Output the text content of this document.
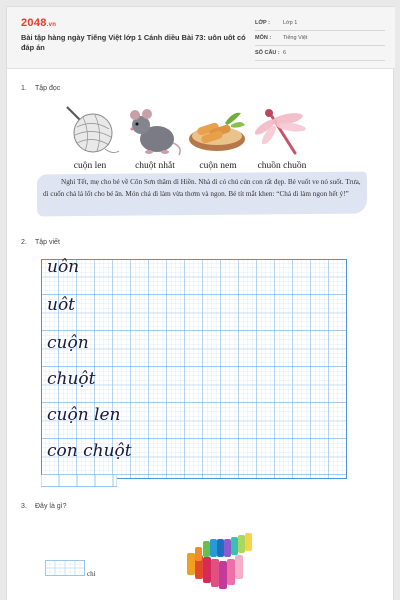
2048.vn
Bài tập hàng ngày Tiếng Việt lớp 1 Cánh diều Bài 73: uôn uôt có đáp án
LỚP : Lớp 1
MÔN : Tiếng Việt
SỐ CÂU : 6
1. Tập đọc
cuộn len	chuột nhắt	cuộn nem	chuồn chuồn
Nghỉ Tết, mẹ cho bé về Côn Sơn thăm dì Hiền. Nhà dì có chú cún con rất đẹp. Bé vuốt ve nó suốt. Trưa, dì cuốn chả lá lốt cho bé ăn. Món chả dì làm vừa thơm và ngon. Bé tít mắt khen: “Chả dì làm ngon hết ý!”
2. Tập viết
uôn
uôt
cuộn
chuột
cuộn len
con chuột
3. Đây là gì?
chỉ
